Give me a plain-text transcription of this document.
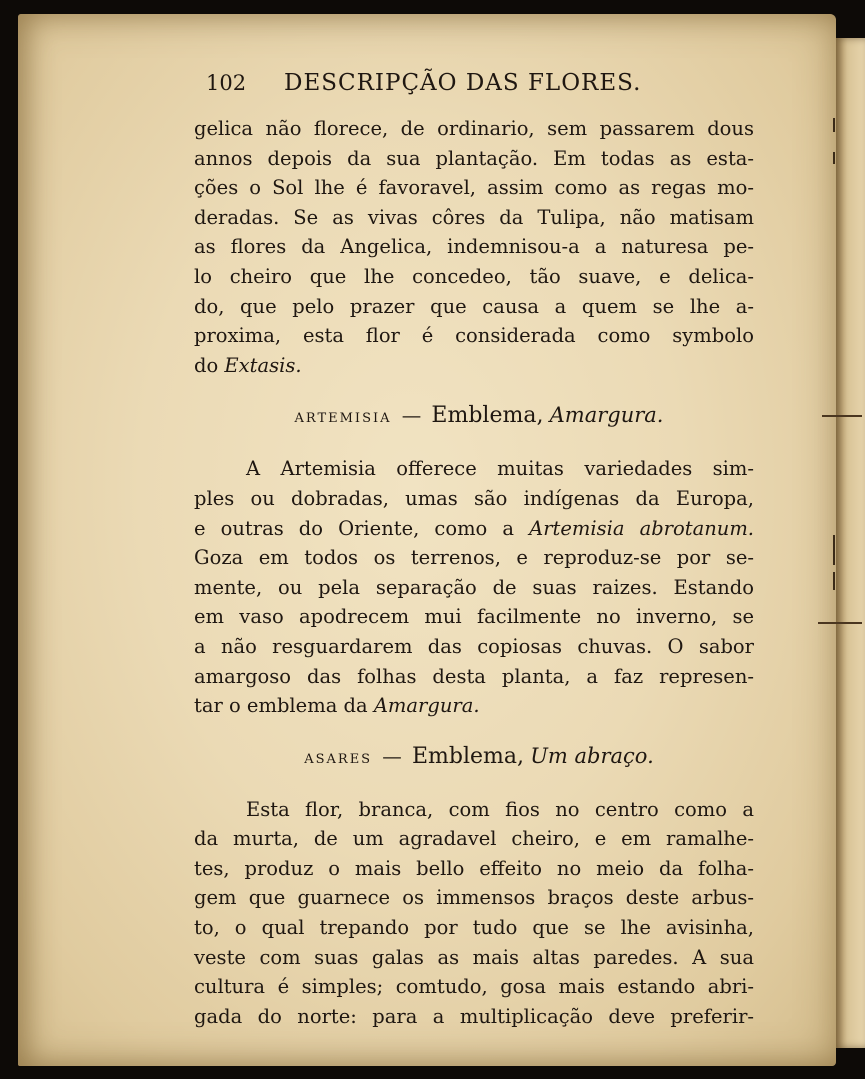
102	DESCRIPÇÃO DAS FLORES.
gelica não florece, de ordinario, sem passarem dous
annos depois da sua plantação. Em todas as esta-
ções o Sol lhe é favoravel, assim como as regas mo-
deradas. Se as vivas côres da Tulipa, não matisam
as flores da Angelica, indemnisou-a a naturesa pe-
lo cheiro que lhe concedeo, tão suave, e delica-
do, que pelo prazer que causa a quem se lhe a-
proxima, esta flor é considerada como symbolo
do Extasis.
ARTEMISIA — Emblema, Amargura.
A Artemisia offerece muitas variedades sim-
ples ou dobradas, umas são indígenas da Europa,
e outras do Oriente, como a Artemisia abrotanum.
Goza em todos os terrenos, e reproduz-se por se-
mente, ou pela separação de suas raizes. Estando
em vaso apodrecem mui facilmente no inverno, se
a não resguardarem das copiosas chuvas. O sabor
amargoso das folhas desta planta, a faz represen-
tar o emblema da Amargura.
ASARES — Emblema, Um abraço.
Esta flor, branca, com fios no centro como a
da murta, de um agradavel cheiro, e em ramalhe-
tes, produz o mais bello effeito no meio da folha-
gem que guarnece os immensos braços deste arbus-
to, o qual trepando por tudo que se lhe avisinha,
veste com suas galas as mais altas paredes. A sua
cultura é simples; comtudo, gosa mais estando abri-
gada do norte: para a multiplicação deve preferir-
